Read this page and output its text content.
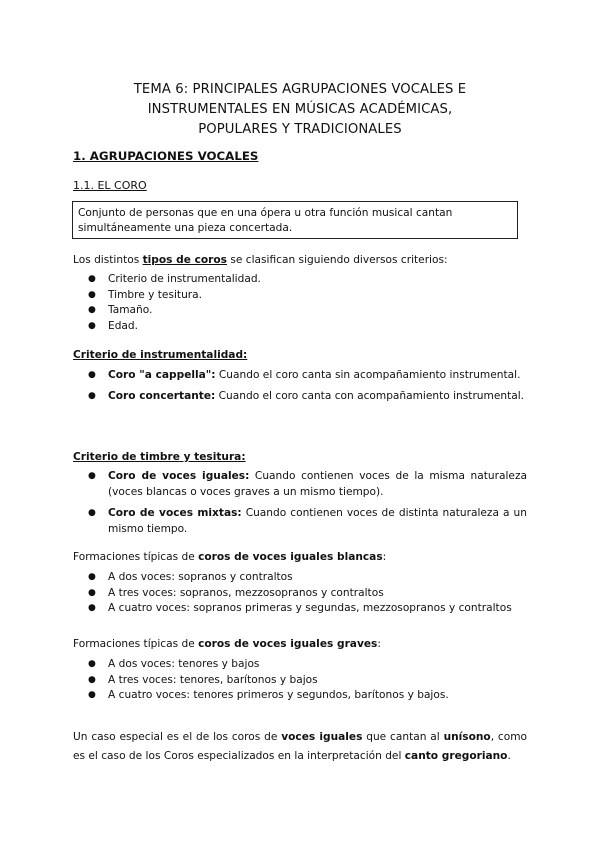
TEMA 6: PRINCIPALES AGRUPACIONES VOCALES E
INSTRUMENTALES EN MÚSICAS ACADÉMICAS,
POPULARES Y TRADICIONALES
1. AGRUPACIONES VOCALES
1.1. EL CORO
Conjunto de personas que en una ópera u otra función musical cantan simultáneamente una pieza concertada.
Los distintos tipos de coros se clasifican siguiendo diversos criterios:
● Criterio de instrumentalidad.
● Timbre y tesitura.
● Tamaño.
● Edad.
Criterio de instrumentalidad:
● Coro "a cappella": Cuando el coro canta sin acompañamiento instrumental.
● Coro concertante: Cuando el coro canta con acompañamiento instrumental.
Criterio de timbre y tesitura:
● Coro de voces iguales: Cuando contienen voces de la misma naturaleza (voces blancas o voces graves a un mismo tiempo).
● Coro de voces mixtas: Cuando contienen voces de distinta naturaleza a un mismo tiempo.
Formaciones típicas de coros de voces iguales blancas:
● A dos voces: sopranos y contraltos
● A tres voces: sopranos, mezzosopranos y contraltos
● A cuatro voces: sopranos primeras y segundas, mezzosopranos y contraltos
Formaciones típicas de coros de voces iguales graves:
● A dos voces: tenores y bajos
● A tres voces: tenores, barítonos y bajos
● A cuatro voces: tenores primeros y segundos, barítonos y bajos.
Un caso especial es el de los coros de voces iguales que cantan al unísono, como es el caso de los Coros especializados en la interpretación del canto gregoriano.
